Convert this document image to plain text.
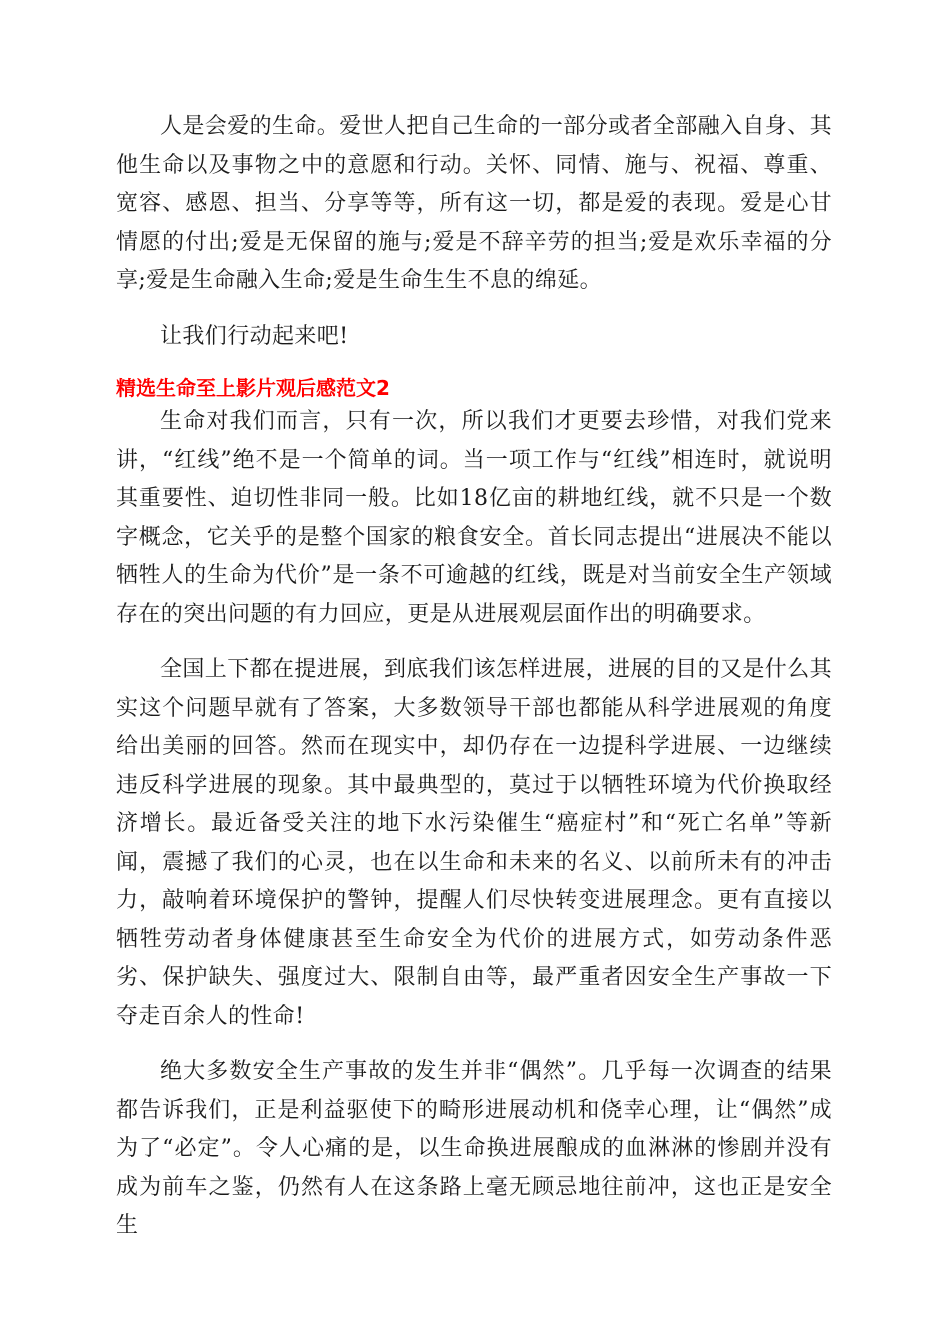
人是会爱的生命。爱世人把自己生命的一部分或者全部融入自身、其他生命以及事物之中的意愿和行动。关怀、同情、施与、祝福、尊重、宽容、感恩、担当、分享等等，所有这一切，都是爱的表现。爱是心甘情愿的付出;爱是无保留的施与;爱是不辞辛劳的担当;爱是欢乐幸福的分享;爱是生命融入生命;爱是生命生生不息的绵延。

让我们行动起来吧!

精选生命至上影片观后感范文2

生命对我们而言，只有一次，所以我们才更要去珍惜，对我们党来讲，“红线”绝不是一个简单的词。当一项工作与“红线”相连时，就说明其重要性、迫切性非同一般。比如18亿亩的耕地红线，就不只是一个数字概念，它关乎的是整个国家的粮食安全。首长同志提出“进展决不能以牺牲人的生命为代价”是一条不可逾越的红线，既是对当前安全生产领域存在的突出问题的有力回应，更是从进展观层面作出的明确要求。

全国上下都在提进展，到底我们该怎样进展，进展的目的又是什么其实这个问题早就有了答案，大多数领导干部也都能从科学进展观的角度给出美丽的回答。然而在现实中，却仍存在一边提科学进展、一边继续违反科学进展的现象。其中最典型的，莫过于以牺牲环境为代价换取经济增长。最近备受关注的地下水污染催生“癌症村”和“死亡名单”等新闻，震撼了我们的心灵，也在以生命和未来的名义、以前所未有的冲击力，敲响着环境保护的警钟，提醒人们尽快转变进展理念。更有直接以牺牲劳动者身体健康甚至生命安全为代价的进展方式，如劳动条件恶劣、保护缺失、强度过大、限制自由等，最严重者因安全生产事故一下夺走百余人的性命!

绝大多数安全生产事故的发生并非“偶然”。几乎每一次调查的结果都告诉我们，正是利益驱使下的畸形进展动机和侥幸心理，让“偶然”成为了“必定”。令人心痛的是，以生命换进展酿成的血淋淋的惨剧并没有成为前车之鉴，仍然有人在这条路上毫无顾忌地往前冲，这也正是安全生
